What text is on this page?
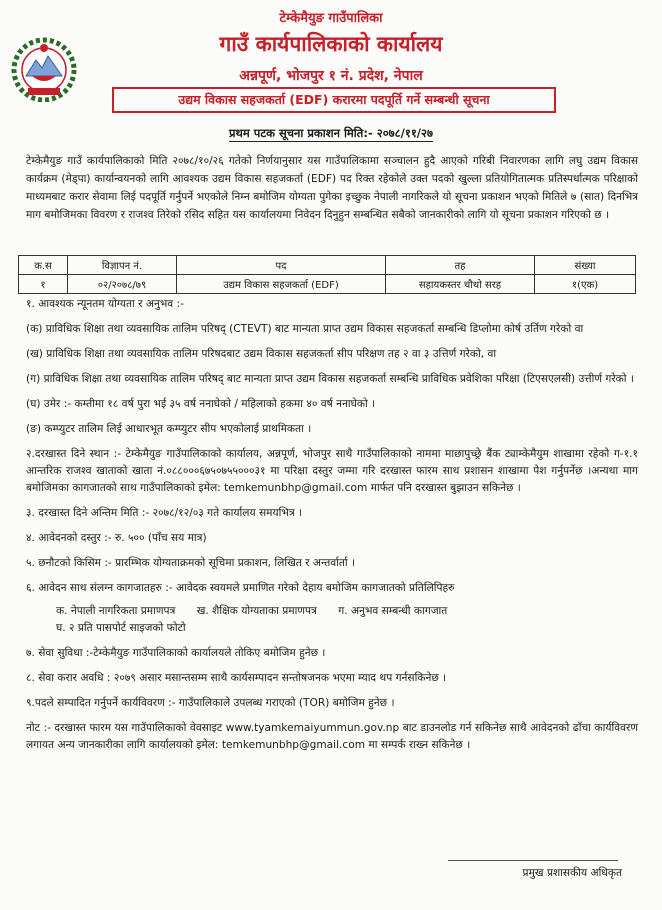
टेम्केमैयुङ गाउँपालिका
गाउँ कार्यपालिकाको कार्यालय
अन्नपूर्ण, भोजपुर १ नं. प्रदेश, नेपाल
उद्यम विकास सहजकर्ता (EDF) करारमा पदपूर्ति गर्ने सम्बन्धी सूचना
प्रथम पटक सूचना प्रकाशन मिति:- २०७८/११/२७
टेम्केमैयुङ गाउँ कार्यपालिकाको मिति २०७८/१०/२६ गतेको निर्णयानुसार यस गाउँपालिकामा सञ्चालन हुदै आएको गरिबी निवारणका लागि लघु उद्यम विकास कार्यक्रम (मेड्पा) कार्यान्वयनको लागि आवश्यक उद्यम विकास सहजकर्ता (EDF) पद रिक्त रहेकोले उक्त पदको खुल्ला प्रतियोगितात्मक प्रतिस्पर्धात्मक परिक्षाको माध्यमबाट करार सेवामा लिई पदपूर्ति गर्नुपर्ने भएकोले निम्न बमोजिम योग्यता पुगेका इच्छुक नेपाली नागरिकले यो सूचना प्रकाशन भएको मितिले ७ (सात) दिनभित्र माग बमोजिमका विवरण र राजश्व तिरेको रसिद सहित यस कार्यालयमा निवेदन दिनुहुन सम्बन्धित सबैको जानकारीको लागि यो सूचना प्रकाशन गरिएको छ ।
क.स	विज्ञापन नं.	पद	तह	संख्या
१	०२/२०७८/७९	उद्यम विकास सहजकर्ता (EDF)	सहायकस्तर चौथो सरह	१(एक)

१. आवश्यक न्यूनतम योग्यता र अनुभव :-

(क) प्राविधिक शिक्षा तथा व्यवसायिक तालिम परिषद् (CTEVT) बाट मान्यता प्राप्त उद्यम विकास सहजकर्ता सम्बन्धि डिप्लोमा कोर्ष उर्तिण गरेको वा

(ख) प्राविधिक शिक्षा तथा व्यवसायिक तालिम परिषदबाट उद्यम विकास सहजकर्ता सीप परिक्षण तह २ वा ३ उत्तिर्ण गरेको, वा

(ग) प्राविधिक शिक्षा तथा व्यवसायिक तालिम परिषद् बाट मान्यता प्राप्त उद्यम विकास सहजकर्ता सम्बन्धि प्राविधिक प्रवेशिका परिक्षा (टिएसएलसी) उत्तीर्ण गरेको ।

(घ) उमेर :- कम्तीमा १८ वर्ष पुरा भई ३५ वर्ष ननाघेको / महिलाको हकमा ४० वर्ष ननाघेको ।

(ङ) कम्प्युटर तालिम लिई आधारभूत कम्प्युटर सीप भएकोलाई प्राथमिकता ।

२.दरखास्त दिने स्थान :- टेम्केमैयुङ गाउँपालिकाको कार्यालय, अन्नपूर्ण, भोजपुर साथै गाउँपालिकाको नाममा माछापुच्छ्रे बैंक ट्याम्केमैयुम शाखामा रहेको ग-१.१ आन्तरिक राजश्व खाताको खाता नं.०८८०००६७५०७५५०००३१ मा परिक्षा दस्तुर जम्मा गरि दरखास्त फारम साथ प्रशासन शाखामा पेश गर्नुपर्नेछ ।अन्यथा माग बमोजिमका कागजातको साथ गाउँपालिकाको इमेल: temkemunbhp@gmail.com मार्फत पनि दरखास्त बुझाउन सकिनेछ ।

३. दरखास्त दिने अन्तिम मिति :- २०७८/१२/०३ गते कार्यालय समयभित्र ।

४. आवेदनको दस्तुर :- रु. ५०० (पाँच सय मात्र)

५. छनौटको किसिम :- प्रारम्भिक योग्यताक्रमको सूचिमा प्रकाशन, लिखित र अन्तर्वार्ता ।

६. आवेदन साथ संलग्न कागजातहरु :- आवेदक स्वयमले प्रमाणित गरेको देहाय बमोजिम कागजातको प्रतिलिपिहरु

क. नेपाली नागरिकता प्रमाणपत्र ख. शैक्षिक योग्यताका प्रमाणपत्र ग. अनुभव सम्बन्धी कागजात
घ. २ प्रति पासपोर्ट साइजको फोटो

७. सेवा सुविधा :-टेम्केमैयुङ गाउँपालिकाको कार्यालयले तोकिए बमोजिम हुनेछ ।

८. सेवा करार अवधि : २०७९ असार मसान्तसम्म साथै कार्यसम्पादन सन्तोषजनक भएमा म्याद थप गर्नसकिनेछ ।

९.पदले सम्पादित गर्नुपर्ने कार्यविवरण :- गाउँपालिकाले उपलब्ध गराएको (TOR) बमोजिम हुनेछ ।

नोट :- दरखास्त फारम यस गाउँपालिकाको वेवसाइट www.tyamkemaiyummun.gov.np बाट डाउनलोड गर्न सकिनेछ साथै आवेदनको ढाँचा कार्यविवरण लगायत अन्य जानकारीका लागि कार्यालयको इमेल: temkemunbhp@gmail.com मा सम्पर्क राख्न सकिनेछ ।

प्रमुख प्रशासकीय अधिकृत
